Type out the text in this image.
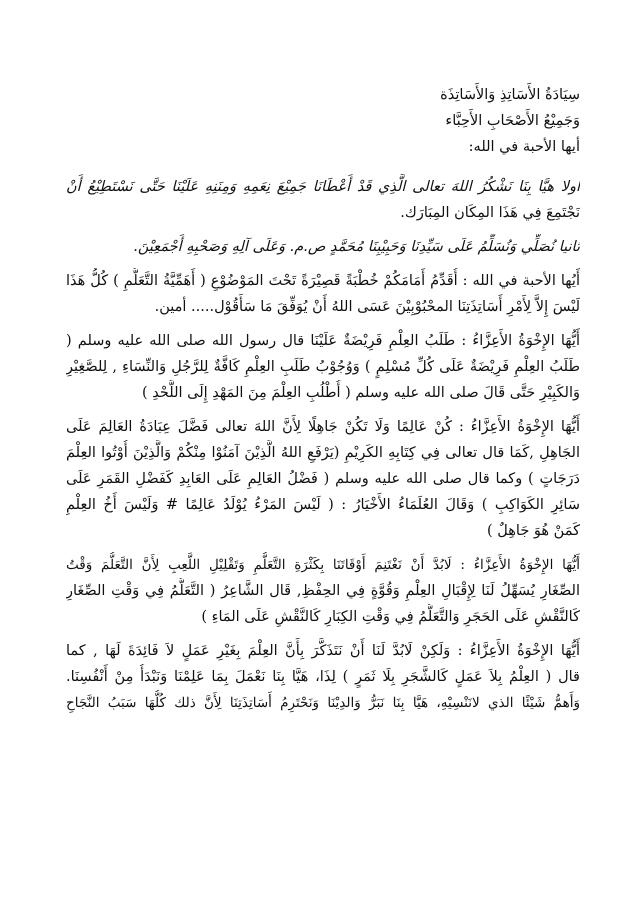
سِيَادَةُ الأَسَاتِذِ وَالأَسَاتِذَة
وَجَمِيْعُ الأَصْحَابِ الأَحِبَّاء
أيها الأحبة في الله:
اولا هيَّا بِنَا نَشْكُرُ اللهَ تعالى الَّذِي قَدْ أَعْطَانَا جَمِيْعَ نِعَمِهِ وَمِنَنِهِ عَلَيْنَا حَتَّى نَسْتَطِيْعُ أَنْ
نَجْتَمِعَ فِي هَذَا المِكَان المِبَارَك.
ثانيا نُصَلِّي وَنُسَلِّمُ عَلَى سَيِّدِنَا وَحَبِيْبِنَا مُحَمَّدٍ ص.م. وَعَلَى آلِهِ وَصَحْبِهِ أَجْمَعِيْنَ.
أَيُها الأحبة في الله : أُقَدِّمُ أَمَامَكُمْ خُطْبَةً قَصِيْرَةً تَحْتَ المَوْضُوْعِ ( أَهَمِّيَّةُ التَّعَلُّمِ ) كُلُّ هَذَا
لَيْسَ إِلاَّ لِأَمْرِ أَسَاتِذَتِنَا المحْبُوْبِيْنَ عَسَى اللهُ أَنْ يُوَفِّقَ مَا سَأَقُوْل..... أمين.
أَيُّهَا الإِخْوَةُ الأَعِزَّاءُ : طَلَبُ العِلْمِ فَرِيْضَةٌ عَلَيْنَا قال رسول الله صلى الله عليه وسلم (
طَلَبُ العِلْمِ فَرِيْضَةٌ عَلَى كُلِّ مُسْلِمٍ ) وَوُجُوْبُ طَلَبِ العِلْمِ كَافَّةٌ لِلرَّجُلِ وَالنِّسَاءِ , لِلصَّغِيْرِ
وَالكَبِيْرِ حَتَّى قَالَ صلى الله عليه وسلم ( أُطْلُبِ العِلْمَ مِنَ المَهْدِ إِلَى اللَّحْدِ )
أَيُّهَا الإِخْوَةُ الأَعِزَّاءُ : كُنْ عَالِمًا وَلَا تَكُنْ جَاهِلًا لِأَنَّ اللهَ تعالى فَضَّلَ عِبَادَةُ العَالِمَ عَلَى
الجَاهِلِ ,كَمَا قال تعالى فِي كِتَابِهِ الكَرِيْمِ (يَرْفَعِ اللهُ الَّذِيْنَ آمَنُوْا مِنْكُمْ وَالَّذِيْنَ أُوْتُوا العِلْمَ
دَرَجَاتٍ ) وكما قال صلى الله عليه وسلم ( فَضْلُ العَالِمِ عَلَى العَابِدِ كَفَضْلِ القَمَرِ عَلَى
سَائِرِ الكَوَاكِبِ ) وَقَالَ العُلَمَاءُ الأَخْيَارُ : ( لَيْسَ المَرْءُ يُوْلَدُ عَالِمًا # وَلَيْسَ أَخُ العِلْمِ
كَمَنْ هُوَ جَاهِلٌ )
أَيُّهَا الإِخْوَةُ الأَعِزَّاءُ : لَابُدَّ أَنْ نَغْتَنِمَ أَوْقَاتَنَا بِكَثْرَةِ التَّعَلُّمِ وَتَقْلِيْلِ اللَّعِبِ لِأَنَّ التَّعَلُّمَ وَقْتُ
الصِّغَارِ يُسَهِّلُ لَنَا لِإِقْبَالِ العِلْمِ وَقُوَّةٍ فِي الحِفْظِ, قَال الشَّاعِرُ ( التَّعَلُّمُ فِي وَقْتِ الصِّغَارِ
كَالنَّقْشِ عَلَى الحَجَرِ وَالتَّعَلُّمُ فِي وَقْتِ الكِبَارِ كَالنَّقْشِ عَلَى المَاءِ )
أَيُّهَا الإِخْوَةُ الأَعِزَّاءُ : وَلَكِنْ لَابُدَّ لَنَا أَنْ نَتَذَكَّرَ بِأَنَّ العِلْمَ بِغَيْرِ عَمَلٍ لاَ فَائِدَةَ لَهَا , كما
قال ( العِلْمُ بِلاَ عَمَلٍ كَالشَّجَرِ بِلَا ثَمَرٍ ) لِذَا، هَيَّا بِنَا نَعْمَلَ بِمَا عَلِمْنَا وَنَبْدَأُ مِنْ أَنْفُسِنَا.
وَأَهمُّ شَيْئًا الذي لانَنْسِيْهِ، هَيَّا بِنَا نَبَرُّ وَالدِيْنَا وَنَحْتَرِمُ أَسَاتِذَتِنَا لِأَنَّ ذلك كُلُّهَا سَبَبُ النَّجَاحِ
